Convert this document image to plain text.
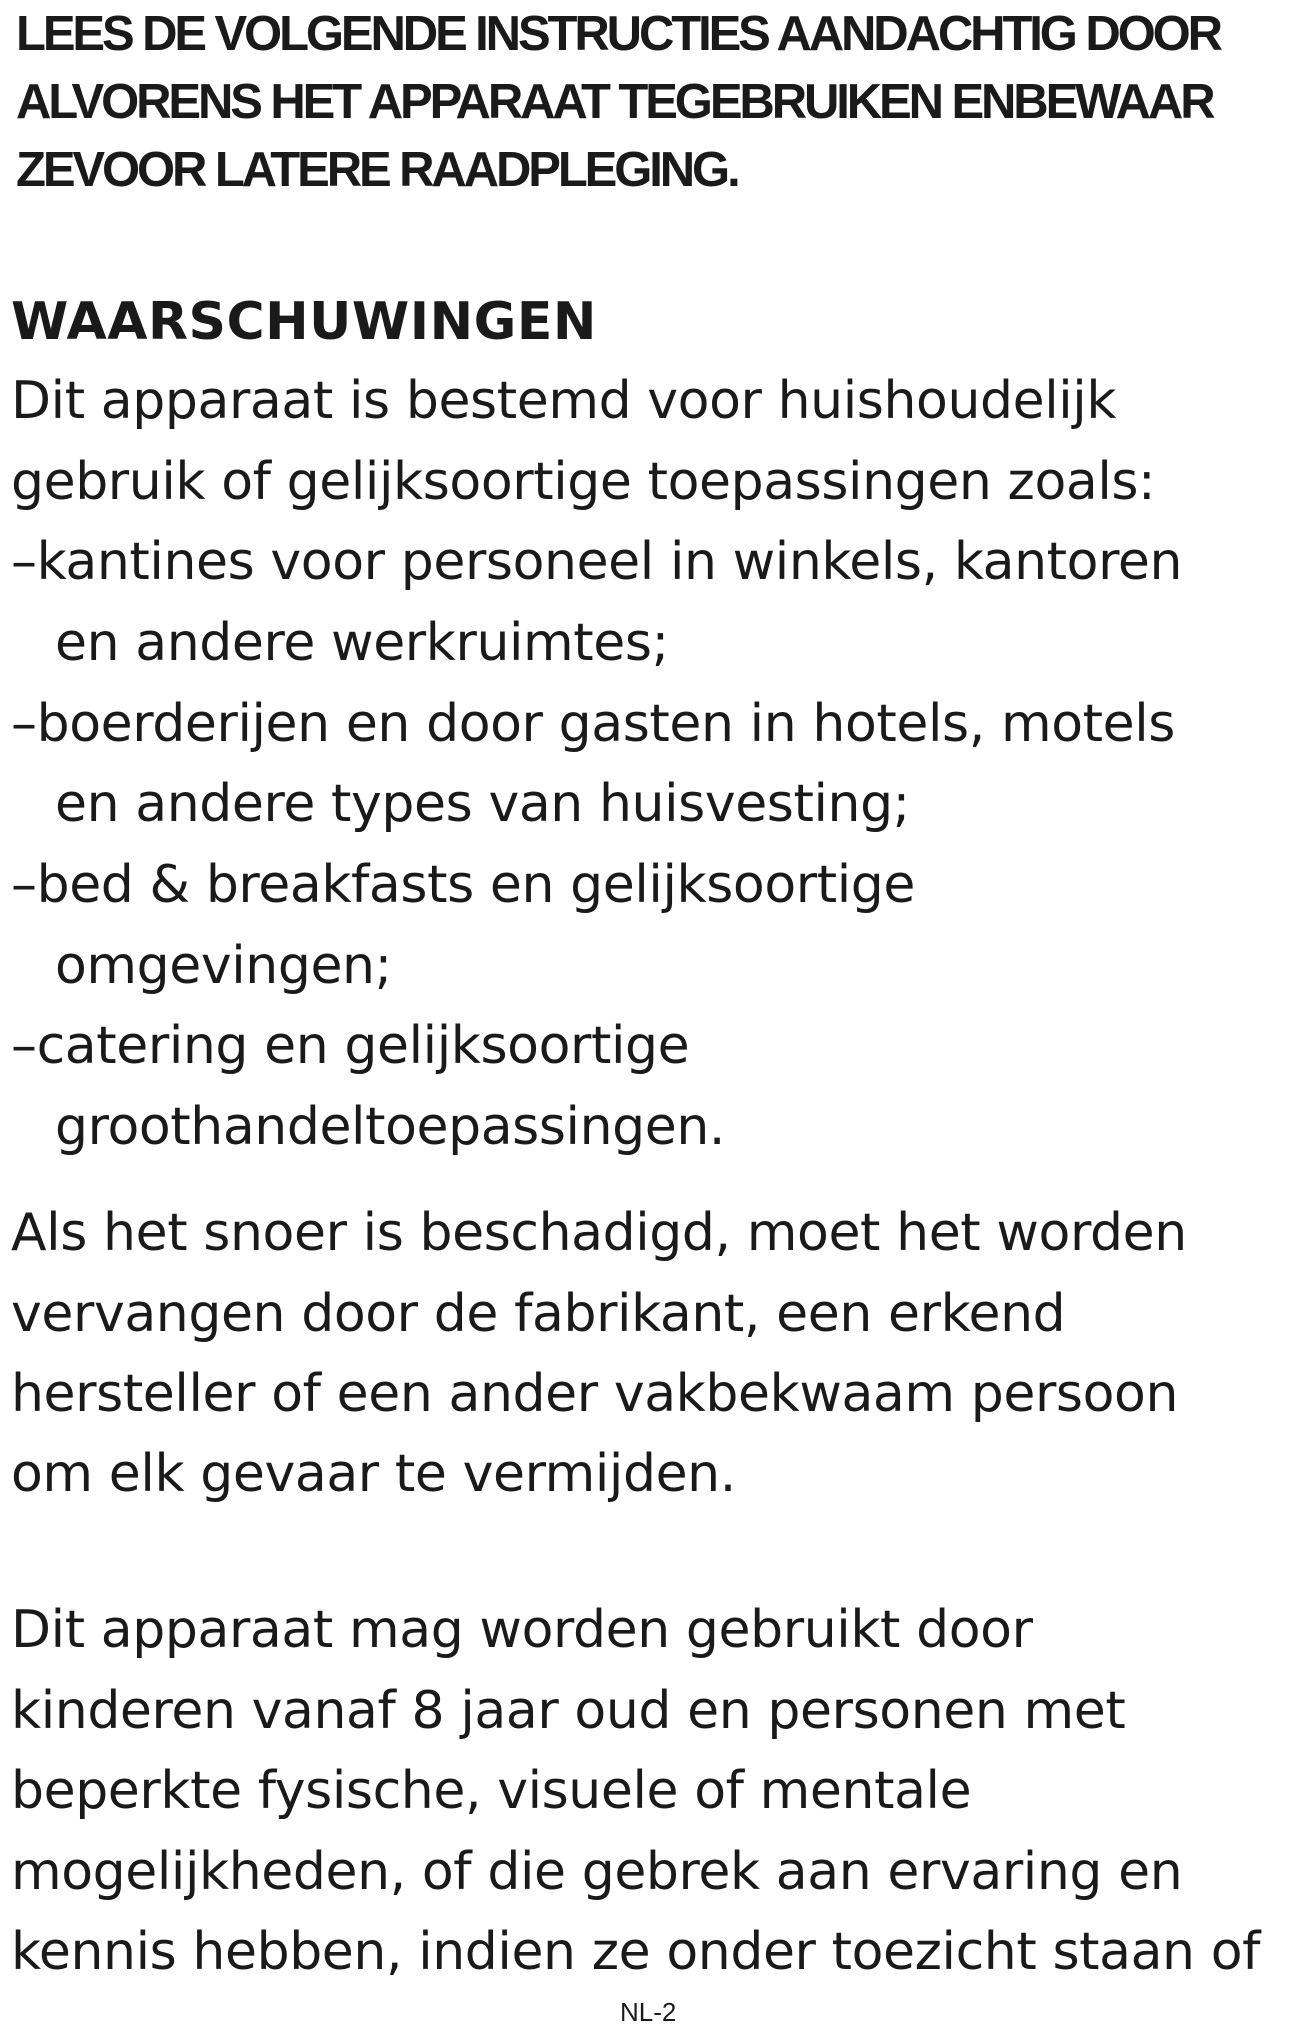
LEES DE VOLGENDE INSTRUCTIES AANDACHTIG DOOR
ALVORENS HET APPARAAT TEGEBRUIKEN ENBEWAAR
ZEVOOR LATERE RAADPLEGING.
WAARSCHUWINGEN
Dit apparaat is bestemd voor huishoudelijk
gebruik of gelijksoortige toepassingen zoals:
–kantines voor personeel in winkels, kantoren
en andere werkruimtes;
–boerderijen en door gasten in hotels, motels
en andere types van huisvesting;
–bed & breakfasts en gelijksoortige
omgevingen;
–catering en gelijksoortige
groothandeltoepassingen.
Als het snoer is beschadigd, moet het worden
vervangen door de fabrikant, een erkend
hersteller of een ander vakbekwaam persoon
om elk gevaar te vermijden.
Dit apparaat mag worden gebruikt door
kinderen vanaf 8 jaar oud en personen met
beperkte fysische, visuele of mentale
mogelijkheden, of die gebrek aan ervaring en
kennis hebben, indien ze onder toezicht staan of
NL-2
